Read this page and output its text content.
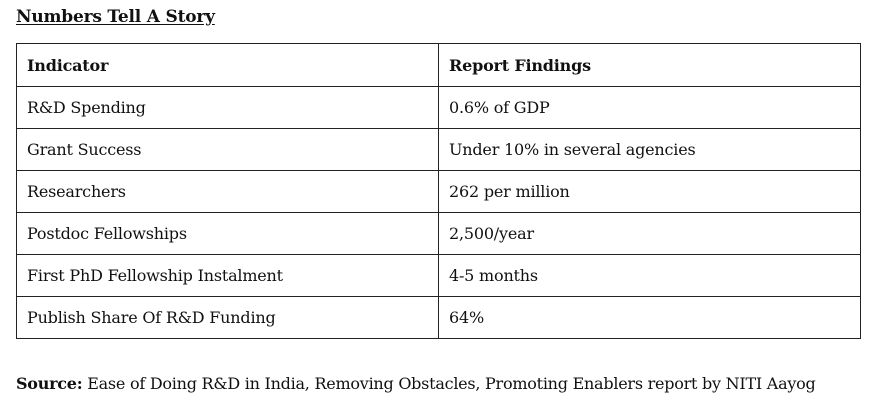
Numbers Tell A Story
Indicator	Report Findings
R&D Spending	0.6% of GDP
Grant Success	Under 10% in several agencies
Researchers	262 per million
Postdoc Fellowships	2,500/year
First PhD Fellowship Instalment	4-5 months
Publish Share Of R&D Funding	64%
Source: Ease of Doing R&D in India, Removing Obstacles, Promoting Enablers report by NITI Aayog
